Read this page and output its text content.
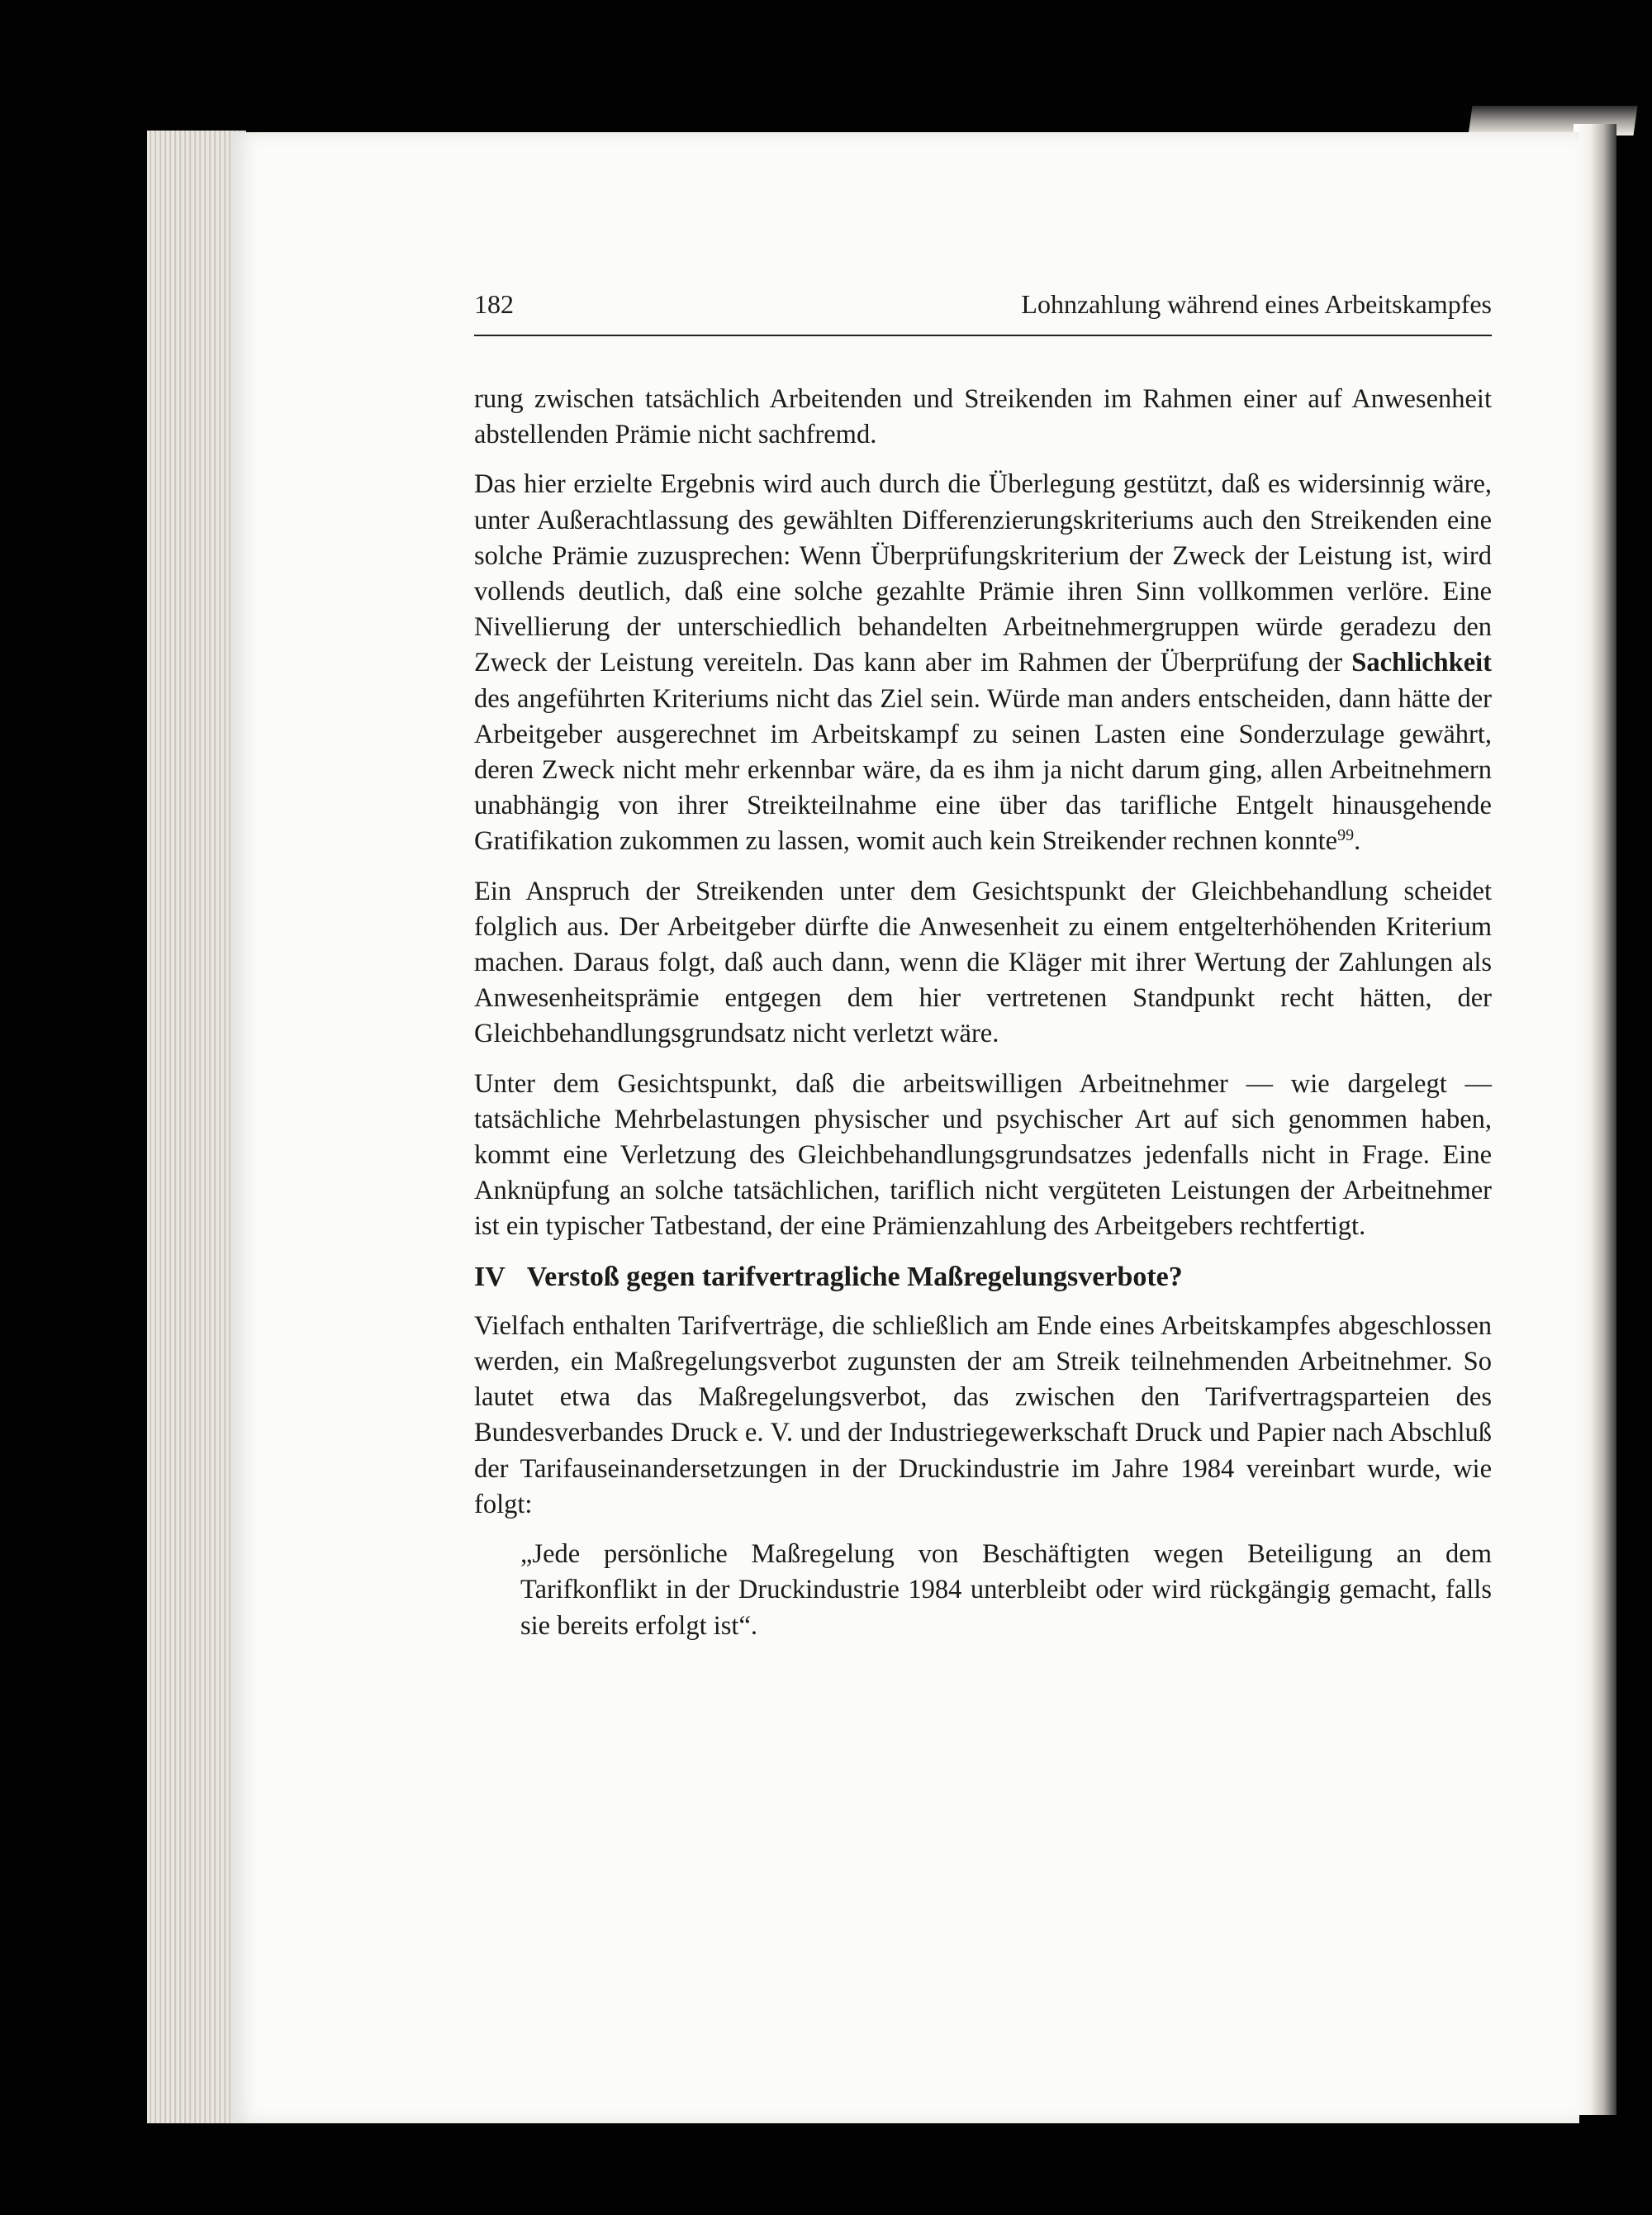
182	Lohnzahlung während eines Arbeitskampfes

rung zwischen tatsächlich Arbeitenden und Streikenden im Rahmen einer auf Anwesenheit abstellenden Prämie nicht sachfremd.

Das hier erzielte Ergebnis wird auch durch die Überlegung gestützt, daß es widersinnig wäre, unter Außerachtlassung des gewählten Differenzierungskriteriums auch den Streikenden eine solche Prämie zuzusprechen: Wenn Überprüfungskriterium der Zweck der Leistung ist, wird vollends deutlich, daß eine solche gezahlte Prämie ihren Sinn vollkommen verlöre. Eine Nivellierung der unterschiedlich behandelten Arbeitnehmergruppen würde geradezu den Zweck der Leistung vereiteln. Das kann aber im Rahmen der Überprüfung der Sachlichkeit des angeführten Kriteriums nicht das Ziel sein. Würde man anders entscheiden, dann hätte der Arbeitgeber ausgerechnet im Arbeitskampf zu seinen Lasten eine Sonderzulage gewährt, deren Zweck nicht mehr erkennbar wäre, da es ihm ja nicht darum ging, allen Arbeitnehmern unabhängig von ihrer Streikteilnahme eine über das tarifliche Entgelt hinausgehende Gratifikation zukommen zu lassen, womit auch kein Streikender rechnen konnte$^{99}$.

Ein Anspruch der Streikenden unter dem Gesichtspunkt der Gleichbehandlung scheidet folglich aus. Der Arbeitgeber dürfte die Anwesenheit zu einem entgelterhöhenden Kriterium machen. Daraus folgt, daß auch dann, wenn die Kläger mit ihrer Wertung der Zahlungen als Anwesenheitsprämie entgegen dem hier vertretenen Standpunkt recht hätten, der Gleichbehandlungsgrundsatz nicht verletzt wäre.

Unter dem Gesichtspunkt, daß die arbeitswilligen Arbeitnehmer — wie dargelegt — tatsächliche Mehrbelastungen physischer und psychischer Art auf sich genommen haben, kommt eine Verletzung des Gleichbehandlungsgrundsatzes jedenfalls nicht in Frage. Eine Anknüpfung an solche tatsächlichen, tariflich nicht vergüteten Leistungen der Arbeitnehmer ist ein typischer Tatbestand, der eine Prämienzahlung des Arbeitgebers rechtfertigt.

IV Verstoß gegen tarifvertragliche Maßregelungsverbote?

Vielfach enthalten Tarifverträge, die schließlich am Ende eines Arbeitskampfes abgeschlossen werden, ein Maßregelungsverbot zugunsten der am Streik teilnehmenden Arbeitnehmer. So lautet etwa das Maßregelungsverbot, das zwischen den Tarifvertragsparteien des Bundesverbandes Druck e. V. und der Industriegewerkschaft Druck und Papier nach Abschluß der Tarifauseinandersetzungen in der Druckindustrie im Jahre 1984 vereinbart wurde, wie folgt:

„Jede persönliche Maßregelung von Beschäftigten wegen Beteiligung an dem Tarifkonflikt in der Druckindustrie 1984 unterbleibt oder wird rückgängig gemacht, falls sie bereits erfolgt ist“.
